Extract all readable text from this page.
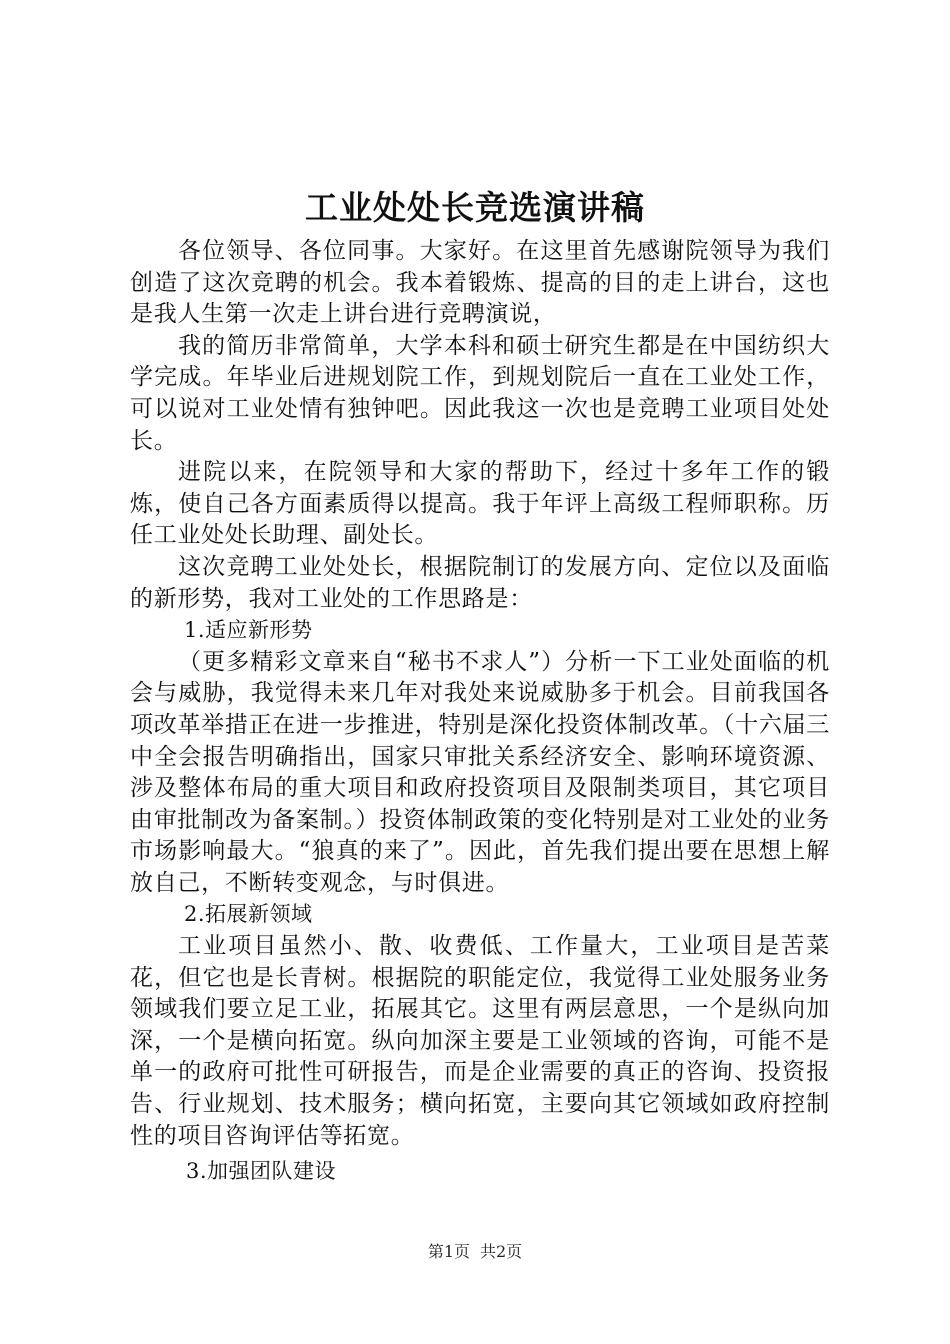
工业处处长竞选演讲稿

各位领导、各位同事。大家好。在这里首先感谢院领导为我们创造了这次竞聘的机会。我本着锻炼、提高的目的走上讲台，这也是我人生第一次走上讲台进行竞聘演说，

我的简历非常简单，大学本科和硕士研究生都是在中国纺织大学完成。年毕业后进规划院工作，到规划院后一直在工业处工作，可以说对工业处情有独钟吧。因此我这一次也是竞聘工业项目处处长。

进院以来，在院领导和大家的帮助下，经过十多年工作的锻炼，使自己各方面素质得以提高。我于年评上高级工程师职称。历任工业处处长助理、副处长。

这次竞聘工业处处长，根据院制订的发展方向、定位以及面临的新形势，我对工业处的工作思路是：

1.适应新形势

（更多精彩文章来自“秘书不求人”）分析一下工业处面临的机会与威胁，我觉得未来几年对我处来说威胁多于机会。目前我国各项改革举措正在进一步推进，特别是深化投资体制改革。（十六届三中全会报告明确指出，国家只审批关系经济安全、影响环境资源、涉及整体布局的重大项目和政府投资项目及限制类项目，其它项目由审批制改为备案制。）投资体制政策的变化特别是对工业处的业务市场影响最大。“狼真的来了”。因此，首先我们提出要在思想上解放自己，不断转变观念，与时俱进。

2.拓展新领域

工业项目虽然小、散、收费低、工作量大，工业项目是苦菜花，但它也是长青树。根据院的职能定位，我觉得工业处服务业务领域我们要立足工业，拓展其它。这里有两层意思，一个是纵向加深，一个是横向拓宽。纵向加深主要是工业领域的咨询，可能不是单一的政府可批性可研报告，而是企业需要的真正的咨询、投资报告、行业规划、技术服务；横向拓宽，主要向其它领域如政府控制性的项目咨询评估等拓宽。

3.加强团队建设

第1页 共2页
